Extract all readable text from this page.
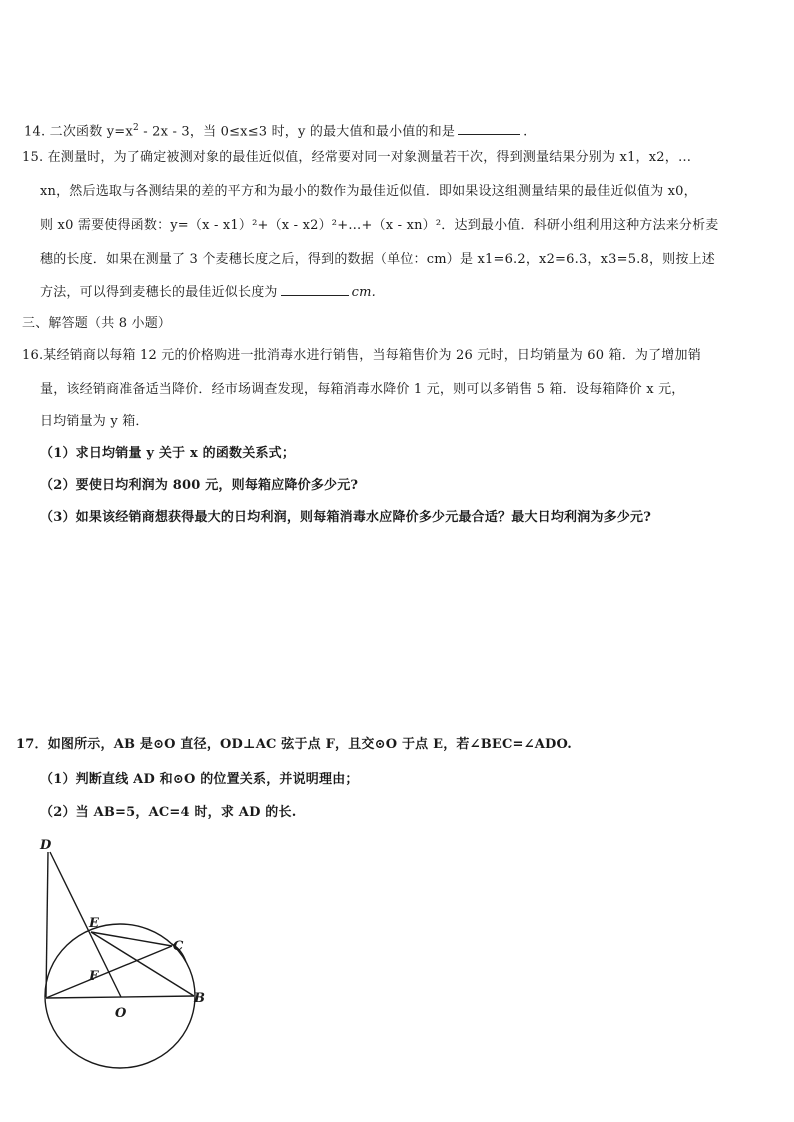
14. 二次函数 $y=x^2 - 2x - 3$，当 0≤x≤3 时，y 的最大值和最小值的和是	.
15. 在测量时，为了确定被测对象的最佳近似值，经常要对同一对象测量若干次，得到测量结果分别为 x1，x2，…
xn，然后选取与各测结果的差的平方和为最小的数作为最佳近似值．即如果设这组测量结果的最佳近似值为 x0，
则 x0 需要使得函数：y=（x - x1）²+（x - x2）²+…+（x - xn）²．达到最小值．科研小组利用这种方法来分析麦
穗的长度．如果在测量了 3 个麦穗长度之后，得到的数据（单位：cm）是 x1=6.2，x2=6.3，x3=5.8，则按上述
方法，可以得到麦穗长的最佳近似长度为	cm.
三、解答题（共 8 小题）
16.某经销商以每箱 12 元的价格购进一批消毒水进行销售，当每箱售价为 26 元时，日均销量为 60 箱．为了增加销
量，该经销商准备适当降价．经市场调查发现，每箱消毒水降价 1 元，则可以多销售 5 箱．设每箱降价 x 元，
日均销量为 y 箱．
（1）求日均销量 y 关于 x 的函数关系式；
（2）要使日均利润为 800 元，则每箱应降价多少元?
（3）如果该经销商想获得最大的日均利润，则每箱消毒水应降价多少元最合适？最大日均利润为多少元?
17．如图所示，AB 是⊙O 直径，OD⊥AC 弦于点 F，且交⊙O 于点 E，若∠BEC=∠ADO.
（1）判断直线 AD 和⊙O 的位置关系，并说明理由；
（2）当 AB=5，AC=4 时，求 AD 的长.
D
E
C
F
B
O
